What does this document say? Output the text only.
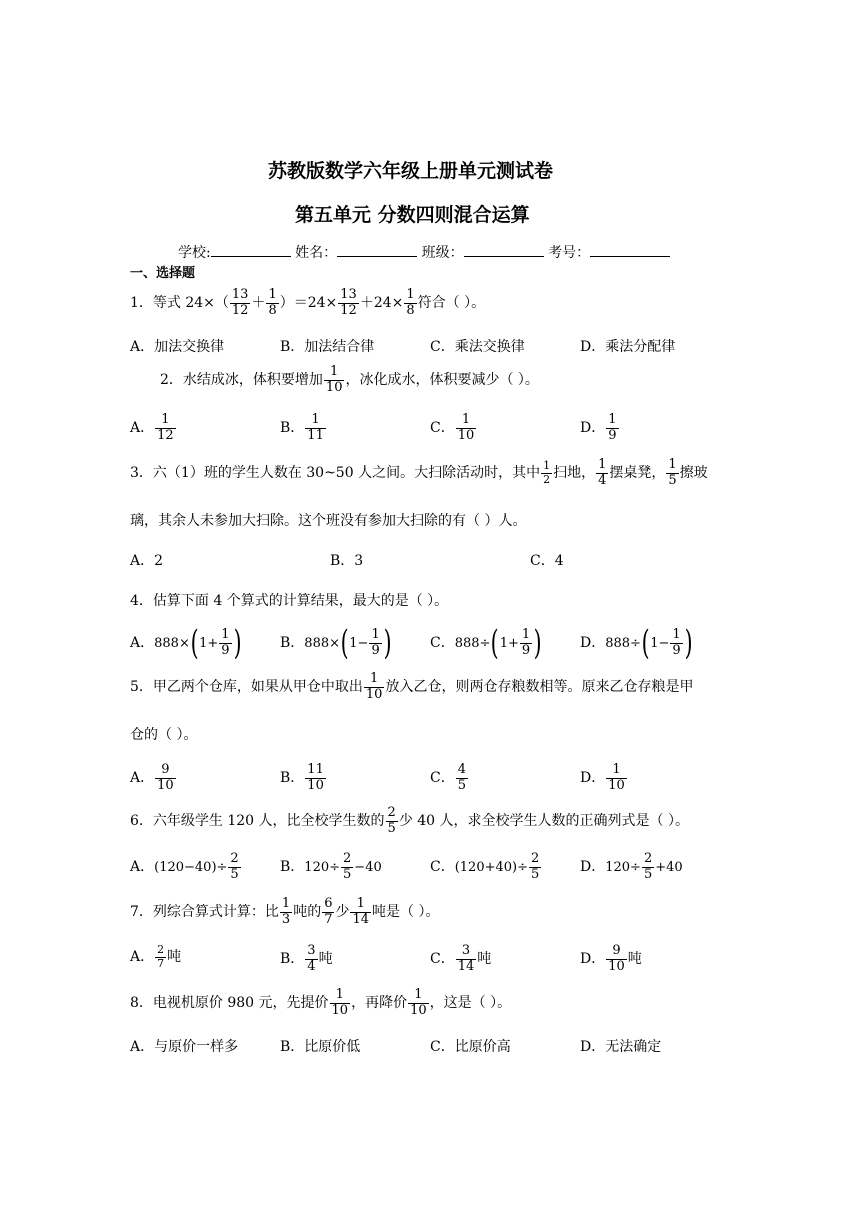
苏教版数学六年级上册单元测试卷
第五单元 分数四则混合运算
学校:	姓名：	班级：	考号：
一、选择题
1．等式 $24\times( \frac{13}{12} + \frac{1}{8} )=24\times \frac{13}{12} +24\times \frac{1}{8}$ 符合（ ）。
A．加法交换律	B．加法结合律	C．乘法交换律	D．乘法分配律
2．水结成冰，体积要增加 $\frac{1}{10}$ ，冰化成水，体积要减少（ ）。
A． $\frac{1}{12}$	B． $\frac{1}{11}$	C． $\frac{1}{10}$	D． $\frac{1}{9}$
3．六（1）班的学生人数在 30~50 人之间。大扫除活动时，其中 $\frac{1}{2}$ 扫地， $\frac{1}{4}$ 摆桌凳， $\frac{1}{5}$ 擦玻
璃，其余人未参加大扫除。这个班没有参加大扫除的有（ ）人。
A．2	B．3	C．4
4．估算下面 4 个算式的计算结果，最大的是（ ）。
A．$888\times(1+ \frac{1}{9}$ )	B．$888\times(1- \frac{1}{9}$ )	C．$888\div(1+ \frac{1}{9}$ )	D．$888\div(1- \frac{1}{9}$ )
5．甲乙两个仓库，如果从甲仓中取出 $\frac{1}{10}$ 放入乙仓，则两仓存粮数相等。原来乙仓存粮是甲
仓的（ ）。
A． $\frac{9}{10}$	B． $\frac{11}{10}$	C． $\frac{4}{5}$	D． $\frac{1}{10}$
6．六年级学生 120 人，比全校学生数的 $\frac{2}{5}$ 少 40 人，求全校学生人数的正确列式是（ ）。
A．$(120-40)\div \frac{2}{5}$	B．$120\div \frac{2}{5} -40$	C．$(120+40)\div \frac{2}{5}$	D．$120\div \frac{2}{5} +40$
7．列综合算式计算：比 $\frac{1}{3}$ 吨的 $\frac{6}{7}$ 少 $\frac{1}{14}$ 吨是（ ）。
A． $\frac{2}{7}$ 吨	B． $\frac{3}{4}$ 吨	C． $\frac{3}{14}$ 吨	D． $\frac{9}{10}$ 吨
8．电视机原价 980 元，先提价 $\frac{1}{10}$ ，再降价 $\frac{1}{10}$ ，这是（ ）。
A．与原价一样多	B．比原价低	C．比原价高	D．无法确定
